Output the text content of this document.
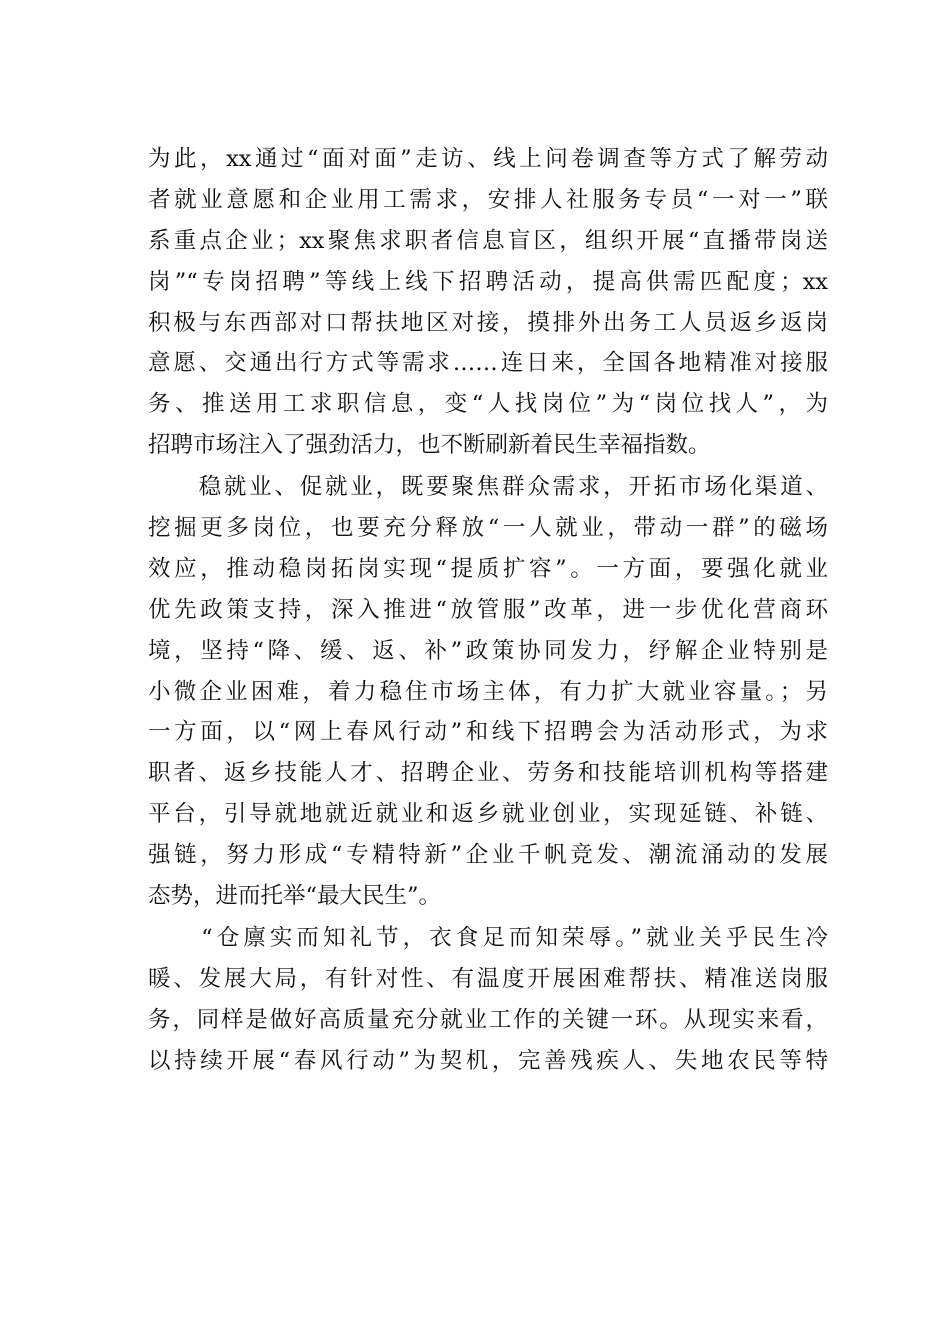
为此，xx通过“面对面”走访、线上问卷调查等方式了解劳动
者就业意愿和企业用工需求，安排人社服务专员“一对一”联
系重点企业；xx聚焦求职者信息盲区，组织开展“直播带岗送
岗”“专岗招聘”等线上线下招聘活动，提高供需匹配度；xx
积极与东西部对口帮扶地区对接，摸排外出务工人员返乡返岗
意愿、交通出行方式等需求……连日来，全国各地精准对接服
务、推送用工求职信息，变“人找岗位”为“岗位找人”，为
招聘市场注入了强劲活力，也不断刷新着民生幸福指数。
　　稳就业、促就业，既要聚焦群众需求，开拓市场化渠道、
挖掘更多岗位，也要充分释放“一人就业，带动一群”的磁场
效应，推动稳岗拓岗实现“提质扩容”。一方面，要强化就业
优先政策支持，深入推进“放管服”改革，进一步优化营商环
境，坚持“降、缓、返、补”政策协同发力，纾解企业特别是
小微企业困难，着力稳住市场主体，有力扩大就业容量。；另
一方面，以“网上春风行动”和线下招聘会为活动形式，为求
职者、返乡技能人才、招聘企业、劳务和技能培训机构等搭建
平台，引导就地就近就业和返乡就业创业，实现延链、补链、
强链，努力形成“专精特新”企业千帆竞发、潮流涌动的发展
态势，进而托举“最大民生”。
　　“仓廪实而知礼节，衣食足而知荣辱。”就业关乎民生冷
暖、发展大局，有针对性、有温度开展困难帮扶、精准送岗服
务，同样是做好高质量充分就业工作的关键一环。从现实来看，
以持续开展“春风行动”为契机，完善残疾人、失地农民等特
